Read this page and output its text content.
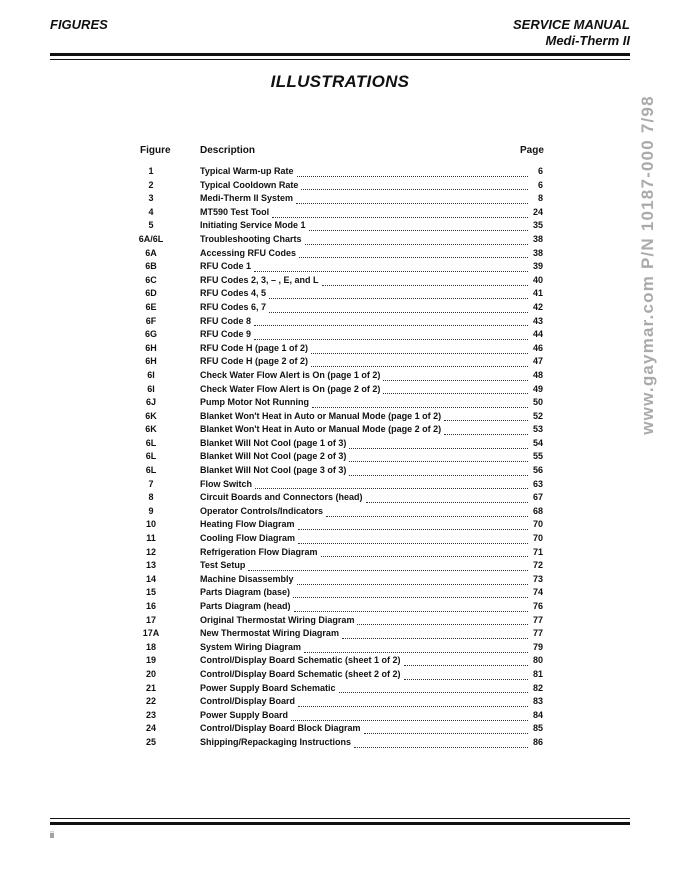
FIGURES	SERVICE MANUAL
Medi-Therm II
ILLUSTRATIONS
www.gaymar.com P/N 10187-000 7/98
Figure	Description	Page
1	Typical Warm-up Rate	6
2	Typical Cooldown Rate	6
3	Medi-Therm II System	8
4	MT590 Test Tool	24
5	Initiating Service Mode 1	35
6A/6L	Troubleshooting Charts	38
6A	Accessing RFU Codes	38
6B	RFU Code 1	39
6C	RFU Codes 2, 3, – , E, and L	40
6D	RFU Codes 4, 5	41
6E	RFU Codes 6, 7	42
6F	RFU Code 8	43
6G	RFU Code 9	44
6H	RFU Code H (page 1 of 2)	46
6H	RFU Code H (page 2 of 2)	47
6I	Check Water Flow Alert is On (page 1 of 2)	48
6I	Check Water Flow Alert is On (page 2 of 2)	49
6J	Pump Motor Not Running	50
6K	Blanket Won't Heat in Auto or Manual Mode (page 1 of 2)	52
6K	Blanket Won't Heat in Auto or Manual Mode (page 2 of 2)	53
6L	Blanket Will Not Cool (page 1 of 3)	54
6L	Blanket Will Not Cool (page 2 of 3)	55
6L	Blanket Will Not Cool (page 3 of 3)	56
7	Flow Switch	63
8	Circuit Boards and Connectors (head)	67
9	Operator Controls/Indicators	68
10	Heating Flow Diagram	70
11	Cooling Flow Diagram	70
12	Refrigeration Flow Diagram	71
13	Test Setup	72
14	Machine Disassembly	73
15	Parts Diagram (base)	74
16	Parts Diagram (head)	76
17	Original Thermostat Wiring Diagram	77
17A	New Thermostat Wiring Diagram	77
18	System Wiring Diagram	79
19	Control/Display Board Schematic (sheet 1 of 2)	80
20	Control/Display Board Schematic (sheet 2 of 2)	81
21	Power Supply Board Schematic	82
22	Control/Display Board	83
23	Power Supply Board	84
24	Control/Display Board Block Diagram	85
25	Shipping/Repackaging Instructions	86
ii
